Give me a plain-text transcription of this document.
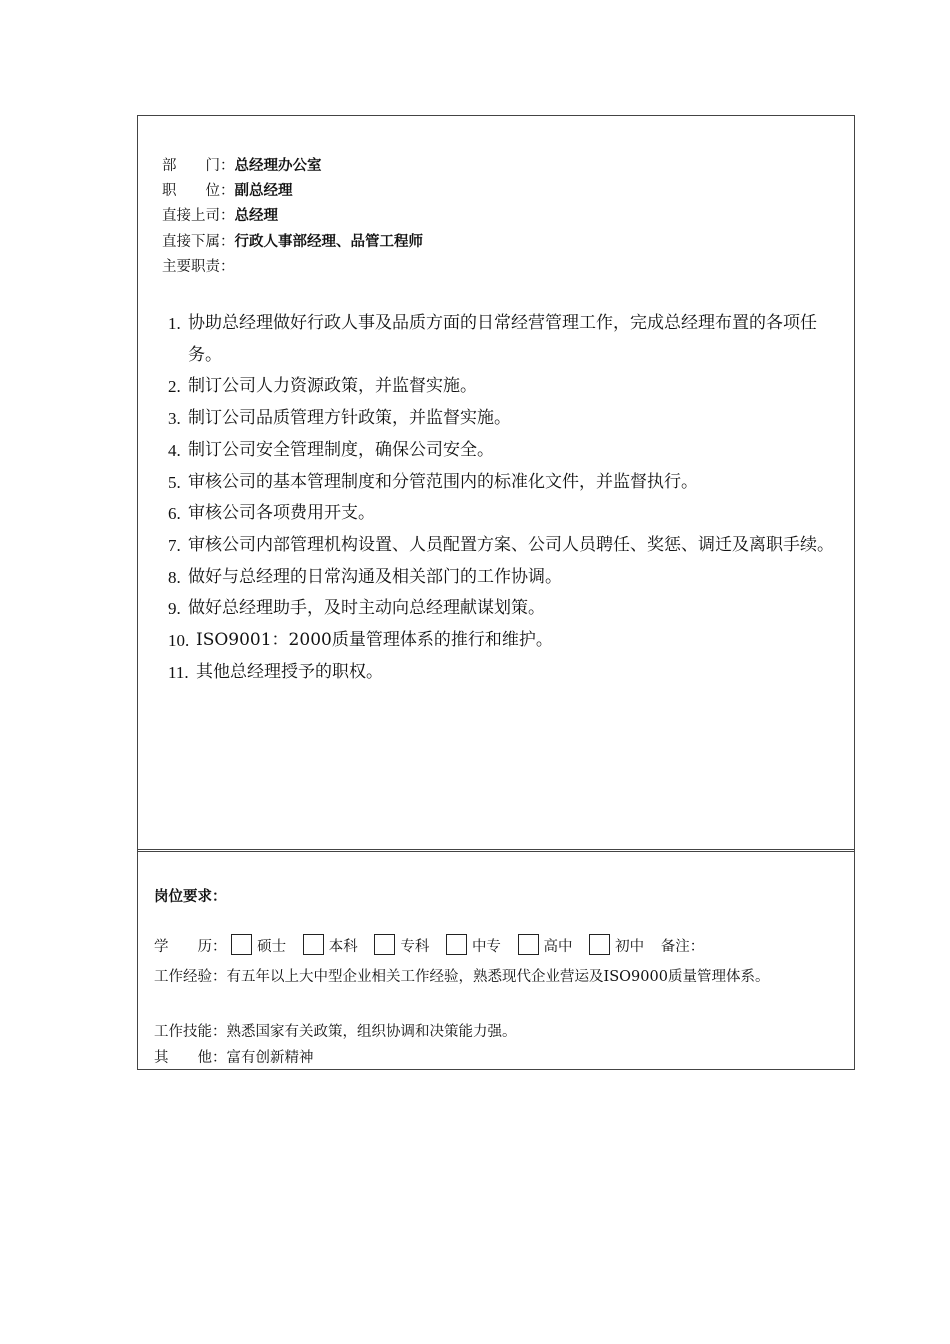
部　　门：总经理办公室
职　　位：副总经理
直接上司：总经理
直接下属：行政人事部经理、品管工程师
主要职责：
1. 协助总经理做好行政人事及品质方面的日常经营管理工作，完成总经理布置的各项任务。
2. 制订公司人力资源政策，并监督实施。
3. 制订公司品质管理方针政策，并监督实施。
4. 制订公司安全管理制度，确保公司安全。
5. 审核公司的基本管理制度和分管范围内的标准化文件，并监督执行。
6. 审核公司各项费用开支。
7. 审核公司内部管理机构设置、人员配置方案、公司人员聘任、奖惩、调迁及离职手续。
8. 做好与总经理的日常沟通及相关部门的工作协调。
9. 做好总经理助手，及时主动向总经理献谋划策。
10. ISO9001：2000质量管理体系的推行和维护。
11. 其他总经理授予的职权。
岗位要求：
学　　历： 硕士	本科	专科	中专	高中	初中 备注：
工作经验：有五年以上大中型企业相关工作经验，熟悉现代企业营运及ISO9000质量管理体系。
工作技能：熟悉国家有关政策，组织协调和决策能力强。
其　　他：富有创新精神
